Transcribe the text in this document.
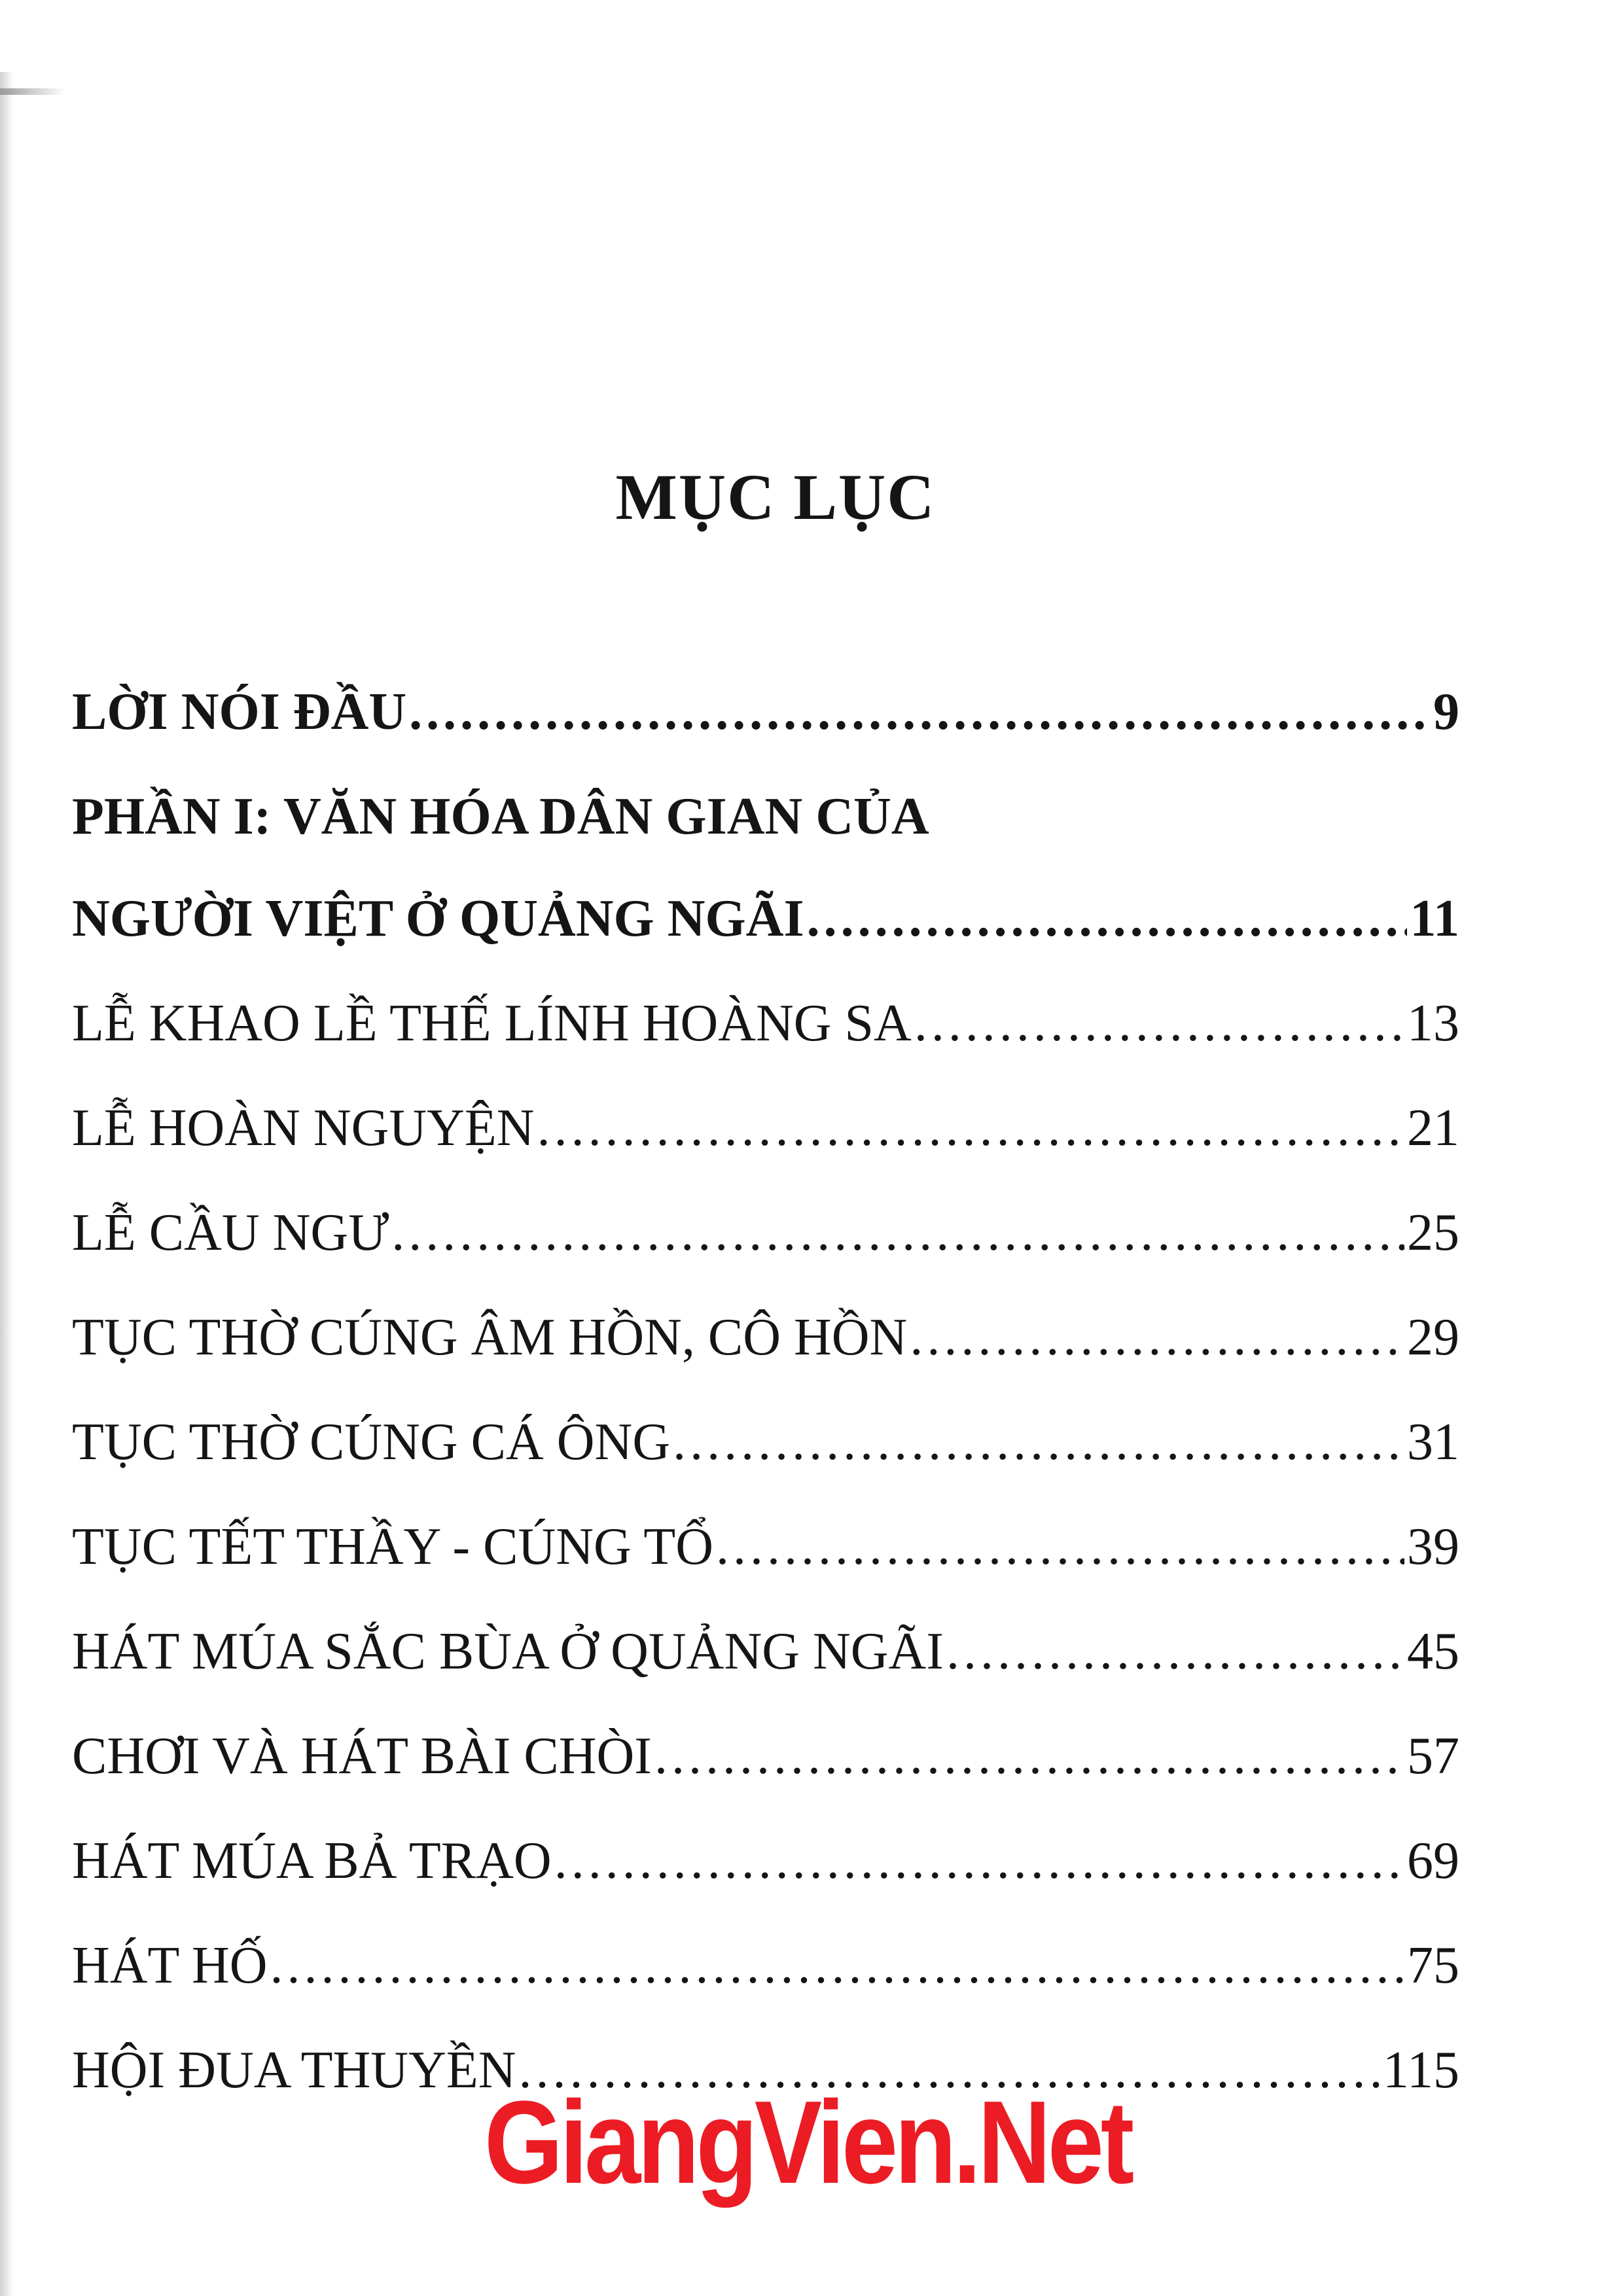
MỤC LỤC
LỜI NÓI ĐẦU .....	9
PHẦN I: VĂN HÓA DÂN GIAN CỦA
NGƯỜI VIỆT Ở QUẢNG NGÃI .....	11
LỄ KHAO LỀ THẾ LÍNH HOÀNG SA .....	13
LỄ HOÀN NGUYỆN .....	21
LỄ CẦU NGƯ .....	25
TỤC THỜ CÚNG ÂM HỒN, CÔ HỒN .....	29
TỤC THỜ CÚNG CÁ ÔNG .....	31
TỤC TẾT THẦY - CÚNG TỔ .....	39
HÁT MÚA SẮC BÙA Ở QUẢNG NGÃI .....	45
CHƠI VÀ HÁT BÀI CHÒI .....	57
HÁT MÚA BẢ TRẠO .....	69
HÁT HỐ .....	75
HỘI ĐUA THUYỀN .....	115
GiangVien.Net
